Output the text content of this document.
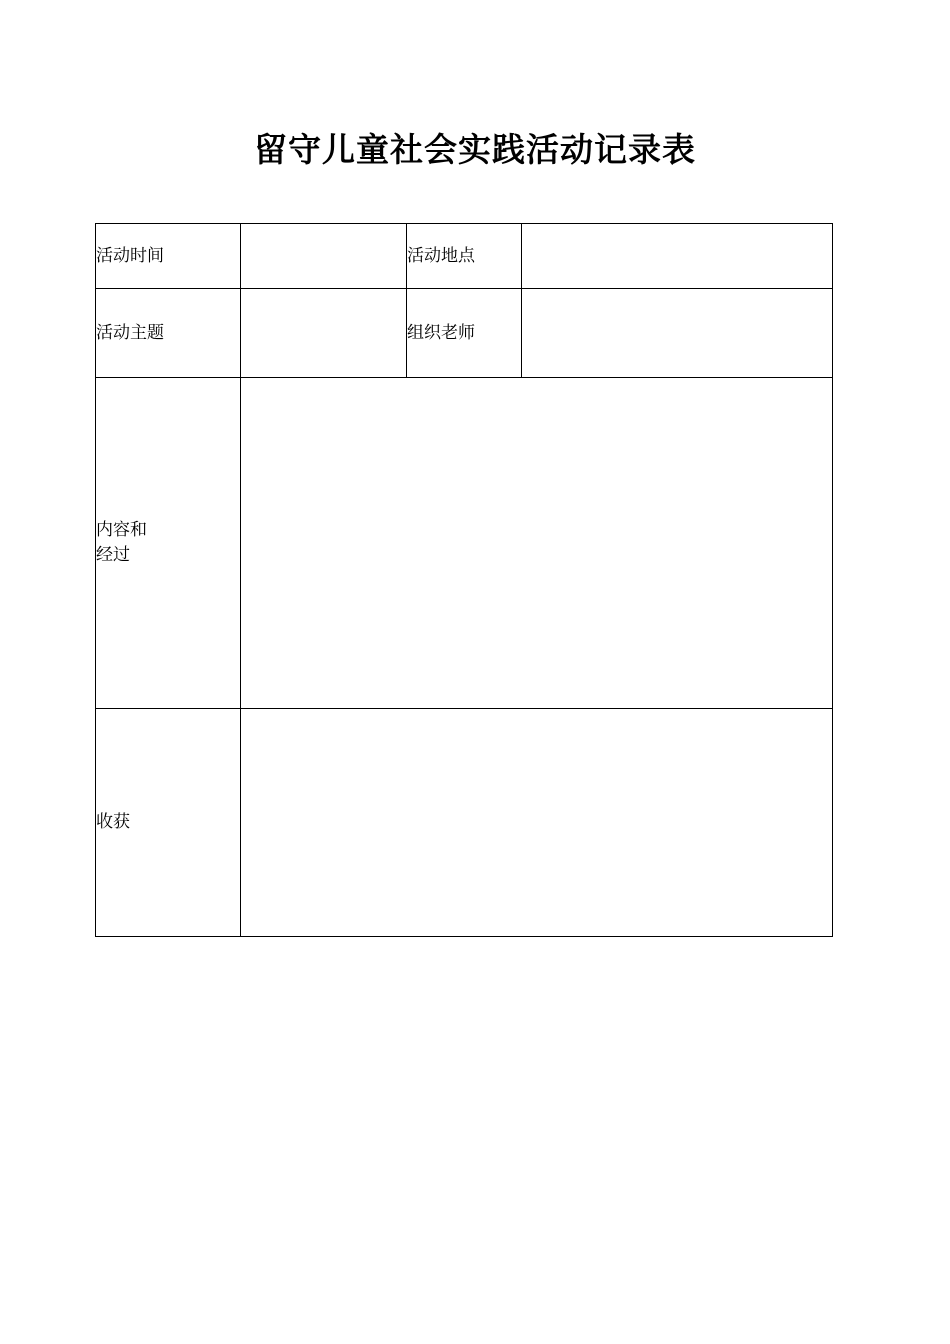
留守儿童社会实践活动记录表
活动时间		活动地点	
活动主题		组织老师	

内容和
经过			

收获			
